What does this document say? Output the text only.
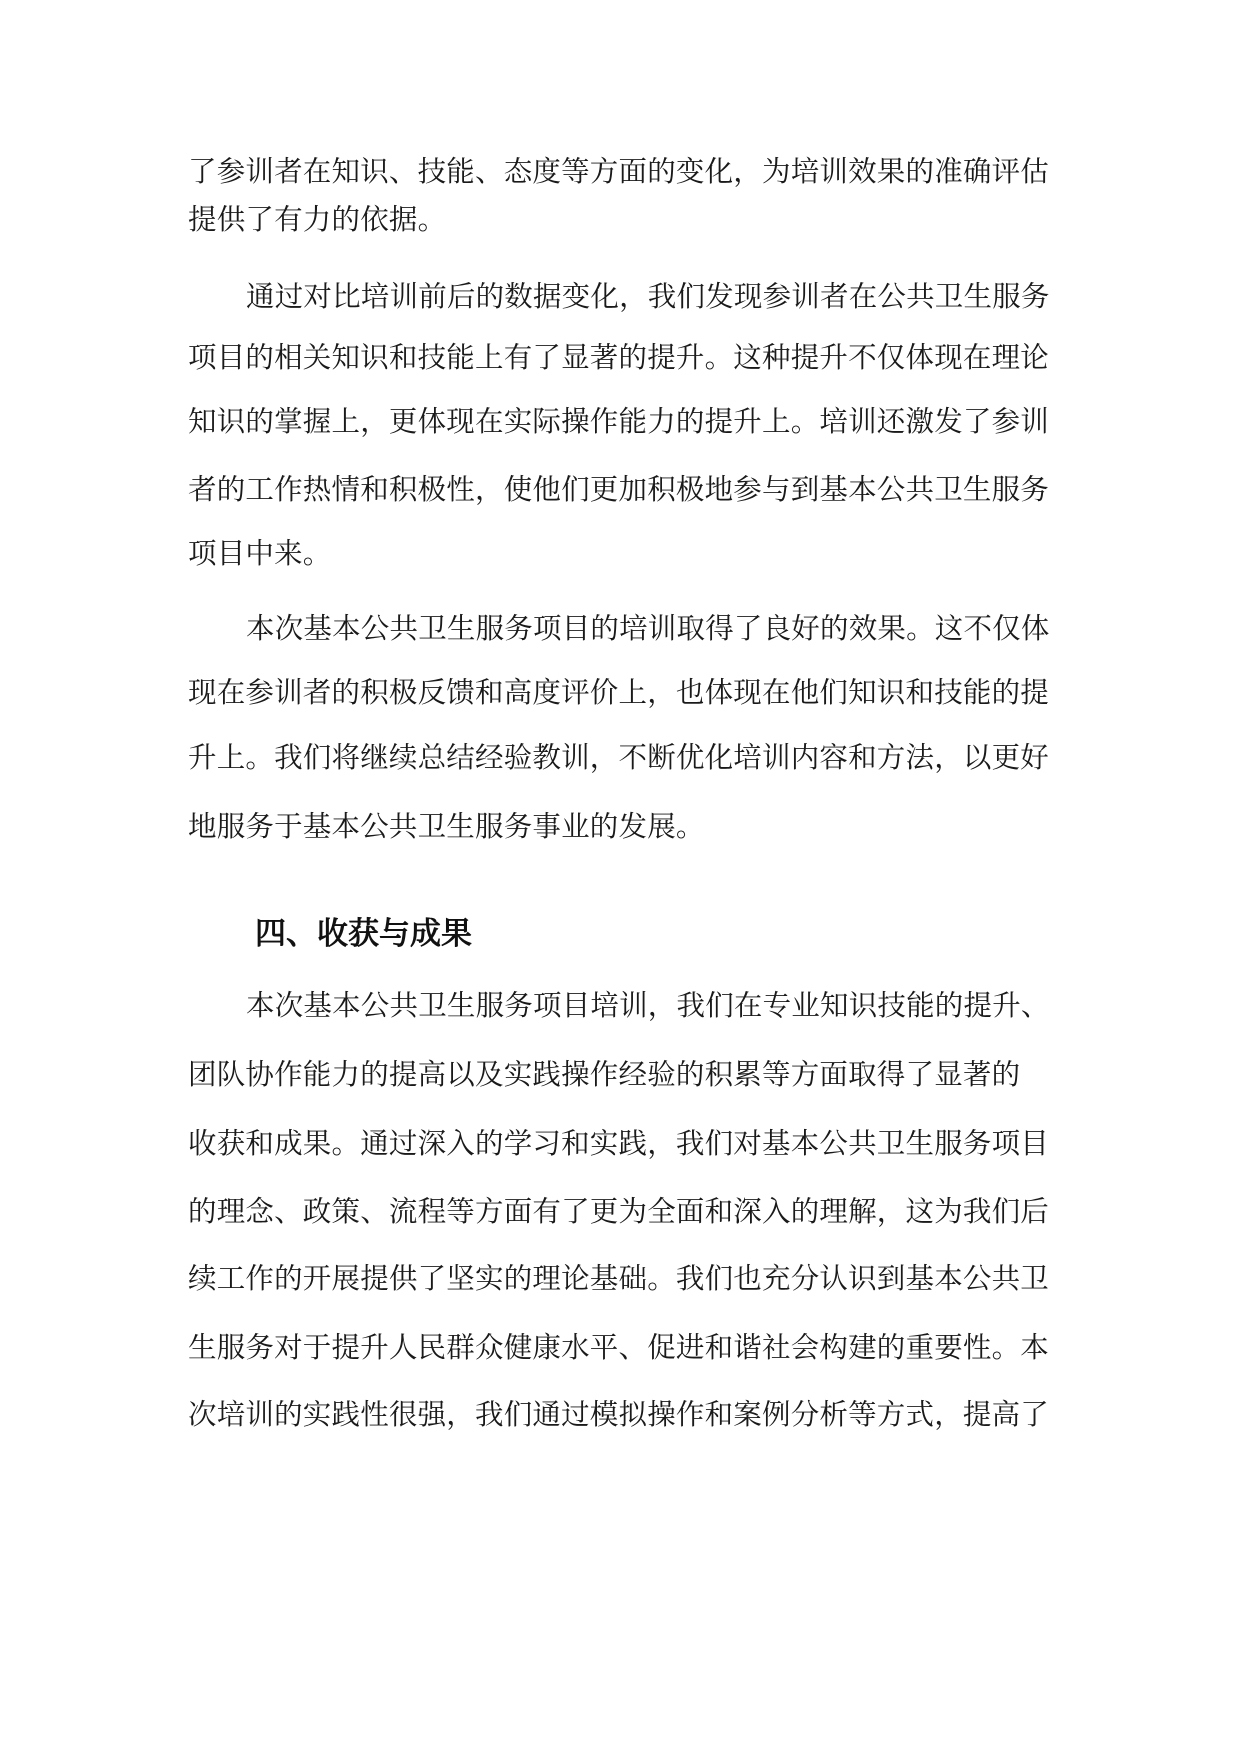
了参训者在知识、技能、态度等方面的变化，为培训效果的准确评估
提供了有力的依据。
通过对比培训前后的数据变化，我们发现参训者在公共卫生服务
项目的相关知识和技能上有了显著的提升。这种提升不仅体现在理论
知识的掌握上，更体现在实际操作能力的提升上。培训还激发了参训
者的工作热情和积极性，使他们更加积极地参与到基本公共卫生服务
项目中来。
本次基本公共卫生服务项目的培训取得了良好的效果。这不仅体
现在参训者的积极反馈和高度评价上，也体现在他们知识和技能的提
升上。我们将继续总结经验教训，不断优化培训内容和方法，以更好
地服务于基本公共卫生服务事业的发展。
四、收获与成果
本次基本公共卫生服务项目培训，我们在专业知识技能的提升、
团队协作能力的提高以及实践操作经验的积累等方面取得了显著的
收获和成果。通过深入的学习和实践，我们对基本公共卫生服务项目
的理念、政策、流程等方面有了更为全面和深入的理解，这为我们后
续工作的开展提供了坚实的理论基础。我们也充分认识到基本公共卫
生服务对于提升人民群众健康水平、促进和谐社会构建的重要性。本
次培训的实践性很强，我们通过模拟操作和案例分析等方式，提高了
